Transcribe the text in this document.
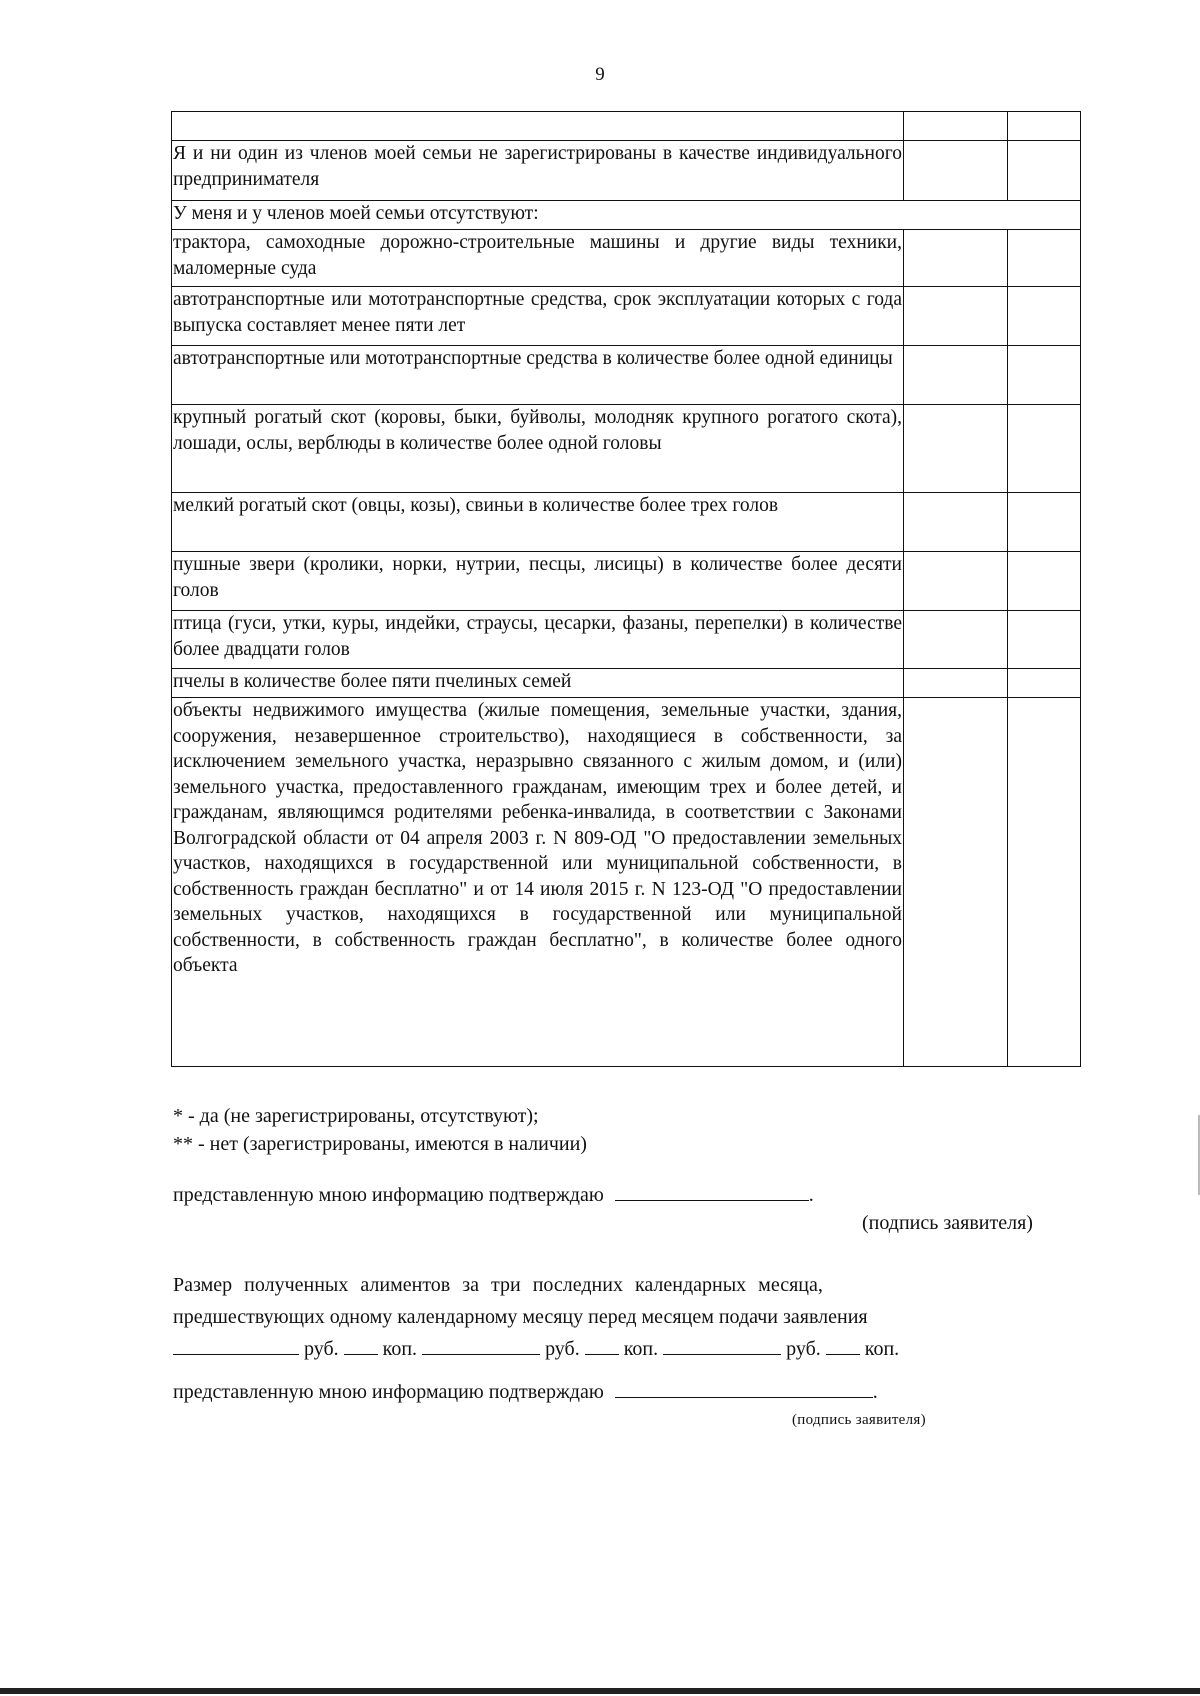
9

Я и ни один из членов моей семьи не зарегистрированы в качестве индивидуального предпринимателя		
У меня и у членов моей семьи отсутствуют:		
трактора, самоходные дорожно-строительные машины и другие виды техники, маломерные суда		
автотранспортные или мототранспортные средства, срок эксплуатации которых с года выпуска составляет менее пяти лет		
автотранспортные или мототранспортные средства в количестве более одной единицы		
крупный рогатый скот (коровы, быки, буйволы, молодняк крупного рогатого скота), лошади, ослы, верблюды в количестве более одной головы		
мелкий рогатый скот (овцы, козы), свиньи в количестве более трех голов		
пушные звери (кролики, норки, нутрии, песцы, лисицы) в количестве более десяти голов		
птица (гуси, утки, куры, индейки, страусы, цесарки, фазаны, перепелки) в количестве более двадцати голов		
пчелы в количестве более пяти пчелиных семей		
объекты недвижимого имущества (жилые помещения, земельные участки, здания, сооружения, незавершенное строительство), находящиеся в собственности, за исключением земельного участка, неразрывно связанного с жилым домом, и (или) земельного участка, предоставленного гражданам, имеющим трех и более детей, и гражданам, являющимся родителями ребенка-инвалида, в соответствии с Законами Волгоградской области от 04 апреля 2003 г. N 809-ОД "О предоставлении земельных участков, находящихся в государственной или муниципальной собственности, в собственность граждан бесплатно" и от 14 июля 2015 г. N 123-ОД "О предоставлении земельных участков, находящихся в государственной или муниципальной собственности, в собственность граждан бесплатно", в количестве более одного объекта		
* - да (не зарегистрированы, отсутствуют);
** - нет (зарегистрированы, имеются в наличии)
представленную мною информацию подтверждаю	.
(подпись заявителя)
Размер полученных алиментов за три последних календарных месяца,
предшествующих одному календарному месяцу перед месяцем подачи заявления
руб. коп.	руб. коп.	руб. коп.
представленную мною информацию подтверждаю	.
(подпись заявителя)
